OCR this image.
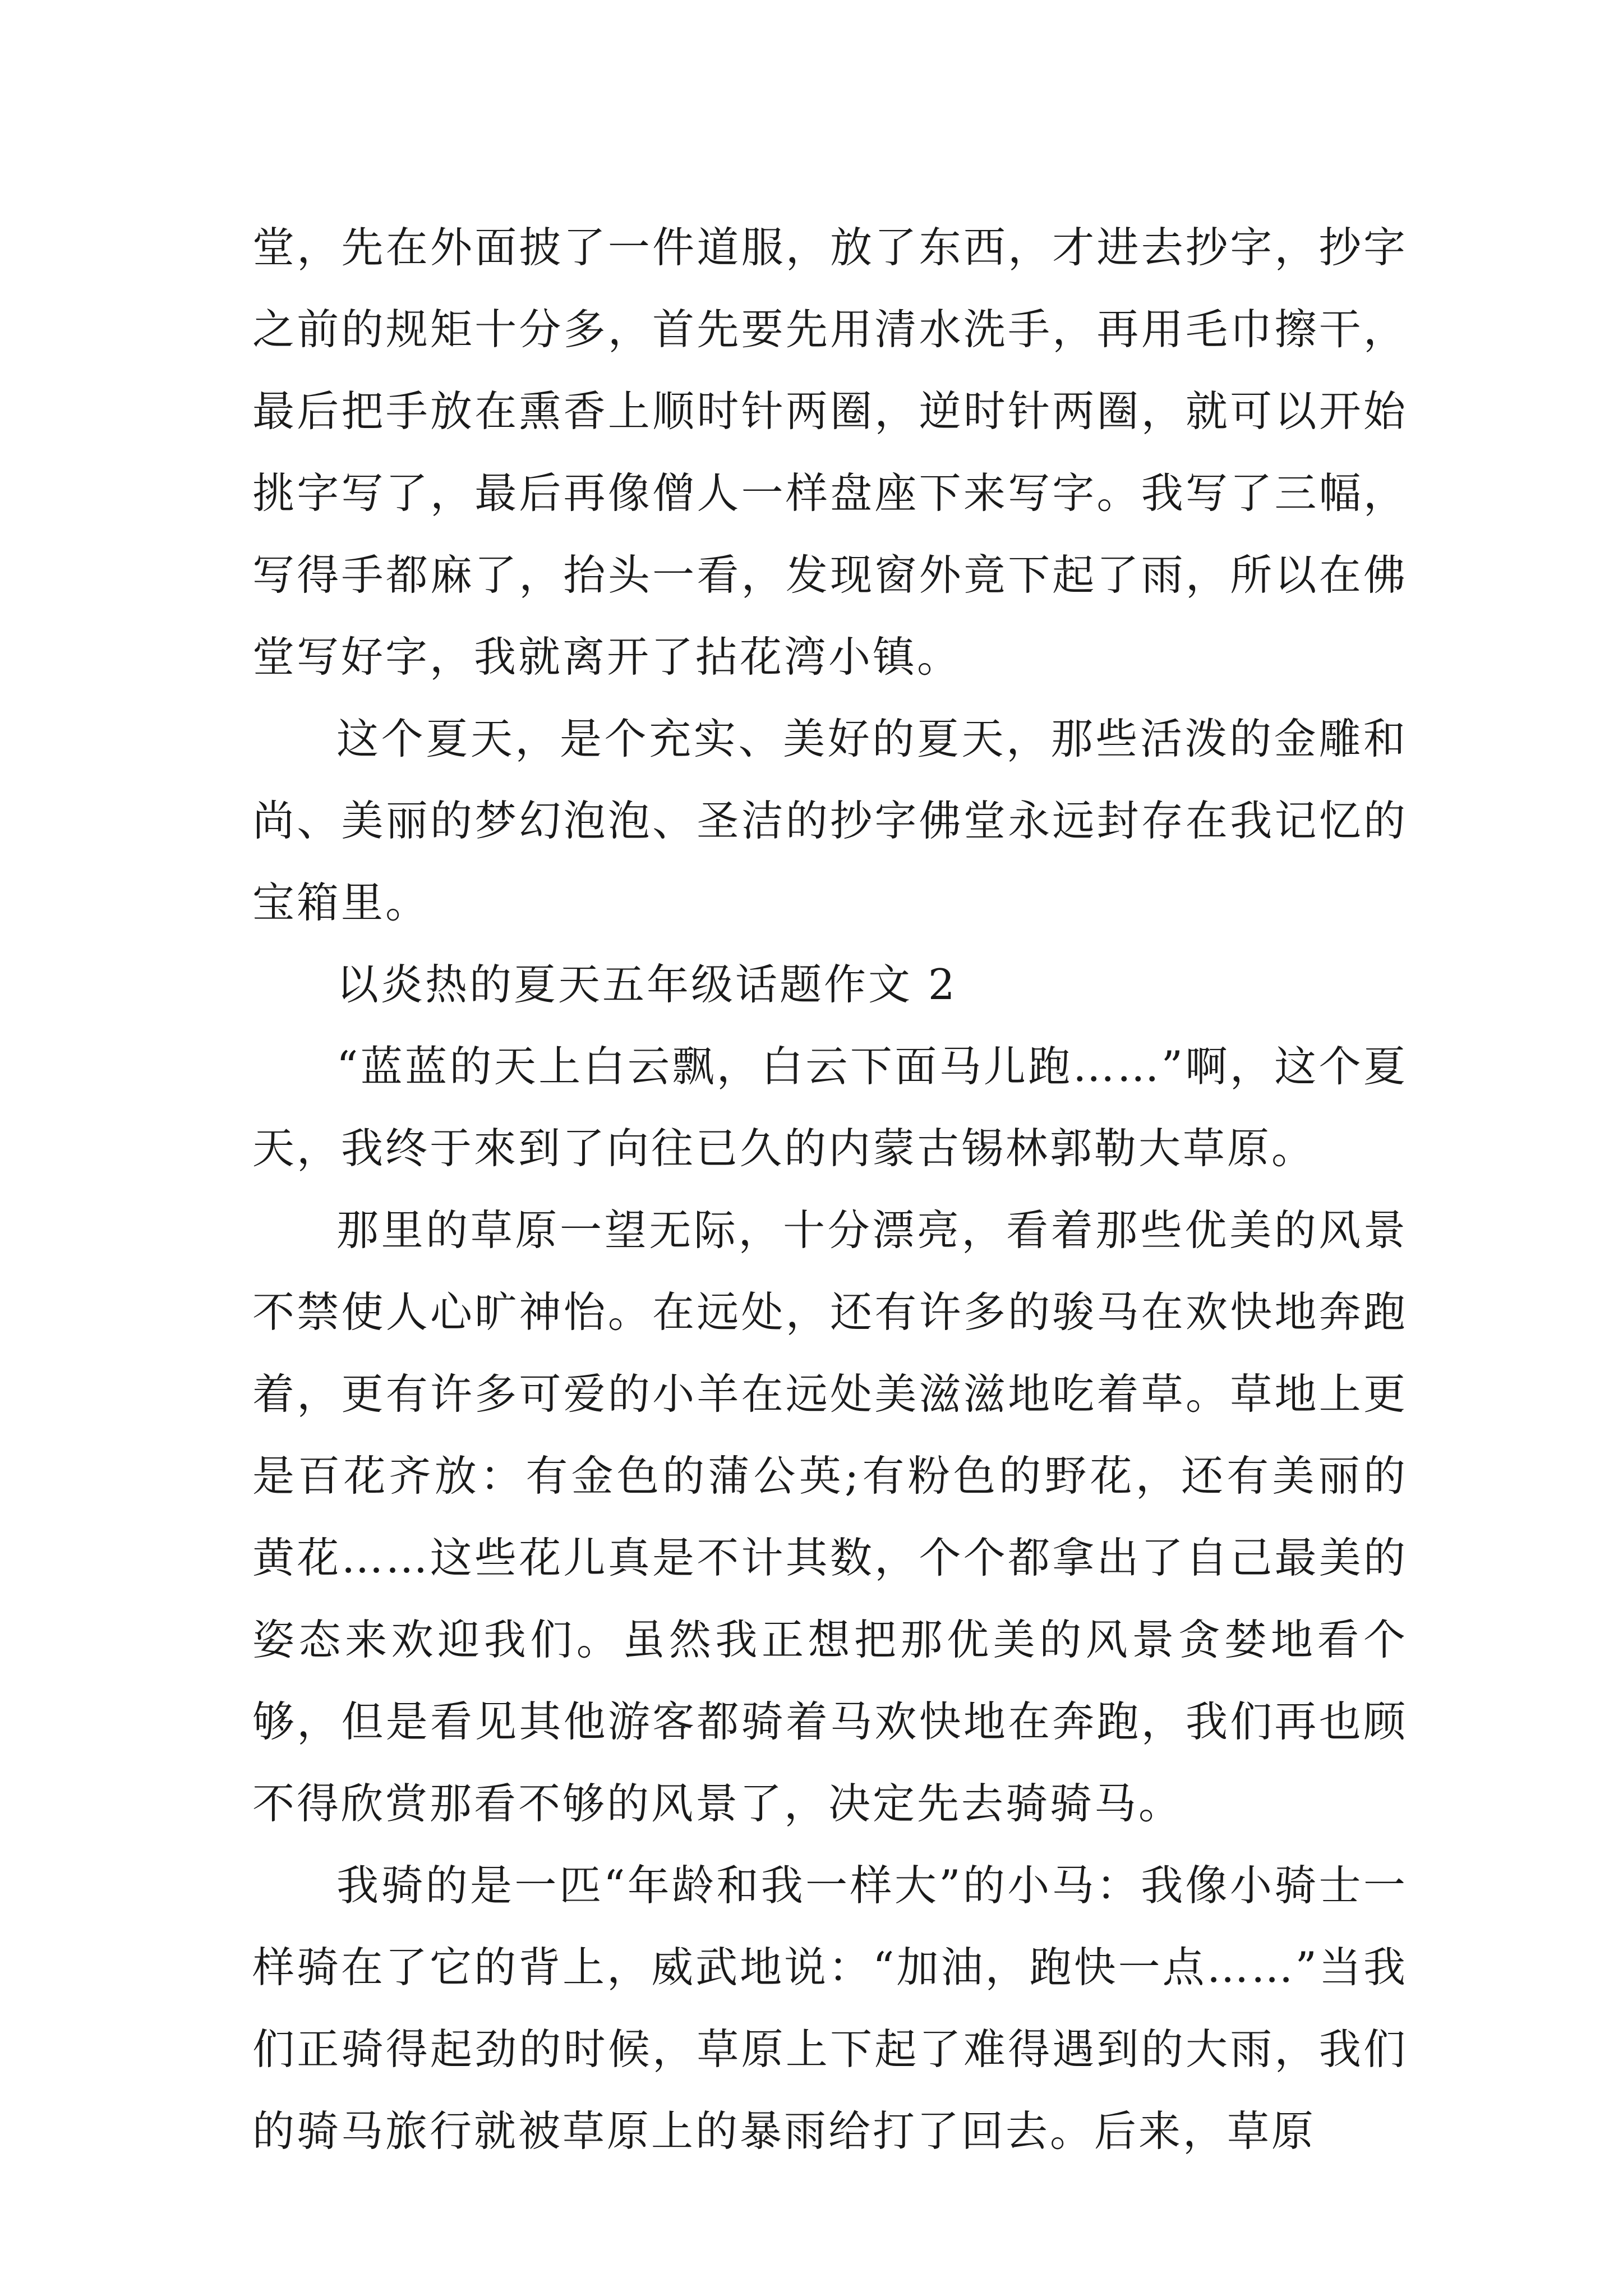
堂，先在外面披了一件道服，放了东西，才进去抄字，抄字之前的规矩十分多，首先要先用清水洗手，再用毛巾擦干，最后把手放在熏香上顺时针两圈，逆时针两圈，就可以开始挑字写了，最后再像僧人一样盘座下来写字。我写了三幅，写得手都麻了，抬头一看，发现窗外竟下起了雨，所以在佛堂写好字，我就离开了拈花湾小镇。

这个夏天，是个充实、美好的夏天，那些活泼的金雕和尚、美丽的梦幻泡泡、圣洁的抄字佛堂永远封存在我记忆的宝箱里。

以炎热的夏天五年级话题作文 2

“蓝蓝的天上白云飘，白云下面马儿跑……”啊，这个夏天，我终于來到了向往已久的内蒙古锡林郭勒大草原。

那里的草原一望无际，十分漂亮，看着那些优美的风景不禁使人心旷神怡。在远处，还有许多的骏马在欢快地奔跑着，更有许多可爱的小羊在远处美滋滋地吃着草。草地上更是百花齐放：有金色的蒲公英;有粉色的野花，还有美丽的黄花……这些花儿真是不计其数，个个都拿出了自己最美的姿态来欢迎我们。虽然我正想把那优美的风景贪婪地看个够，但是看见其他游客都骑着马欢快地在奔跑，我们再也顾不得欣赏那看不够的风景了，决定先去骑骑马。

我骑的是一匹“年龄和我一样大”的小马：我像小骑士一样骑在了它的背上，威武地说：“加油，跑快一点……”当我们正骑得起劲的时候，草原上下起了难得遇到的大雨，我们的骑马旅行就被草原上的暴雨给打了回去。后来，草原
